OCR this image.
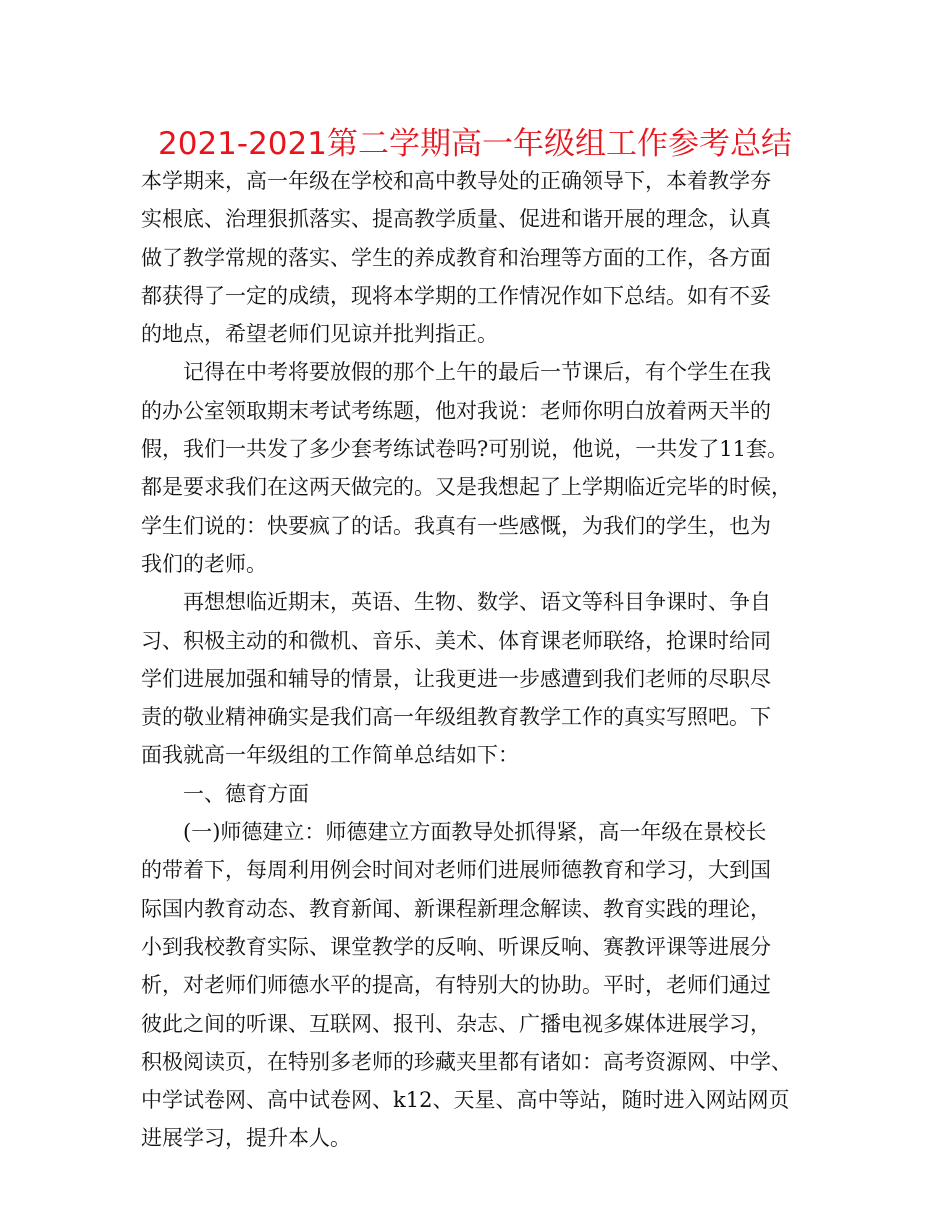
2021-2021第二学期高一年级组工作参考总结
本学期来，高一年级在学校和高中教导处的正确领导下，本着教学夯
实根底、治理狠抓落实、提高教学质量、促进和谐开展的理念，认真
做了教学常规的落实、学生的养成教育和治理等方面的工作，各方面
都获得了一定的成绩，现将本学期的工作情况作如下总结。如有不妥
的地点，希望老师们见谅并批判指正。
记得在中考将要放假的那个上午的最后一节课后，有个学生在我
的办公室领取期末考试考练题，他对我说：老师你明白放着两天半的
假，我们一共发了多少套考练试卷吗?可别说，他说，一共发了11套。
都是要求我们在这两天做完的。又是我想起了上学期临近完毕的时候，
学生们说的：快要疯了的话。我真有一些感慨，为我们的学生，也为
我们的老师。
再想想临近期末，英语、生物、数学、语文等科目争课时、争自
习、积极主动的和微机、音乐、美术、体育课老师联络，抢课时给同
学们进展加强和辅导的情景，让我更进一步感遭到我们老师的尽职尽
责的敬业精神确实是我们高一年级组教育教学工作的真实写照吧。下
面我就高一年级组的工作简单总结如下：
一、德育方面
(一)师德建立：师德建立方面教导处抓得紧，高一年级在景校长
的带着下，每周利用例会时间对老师们进展师德教育和学习，大到国
际国内教育动态、教育新闻、新课程新理念解读、教育实践的理论，
小到我校教育实际、课堂教学的反响、听课反响、赛教评课等进展分
析，对老师们师德水平的提高，有特别大的协助。平时，老师们通过
彼此之间的听课、互联网、报刊、杂志、广播电视多媒体进展学习，
积极阅读页，在特别多老师的珍藏夹里都有诸如：高考资源网、中学、
中学试卷网、高中试卷网、k12、天星、高中等站，随时进入网站网页
进展学习，提升本人。
